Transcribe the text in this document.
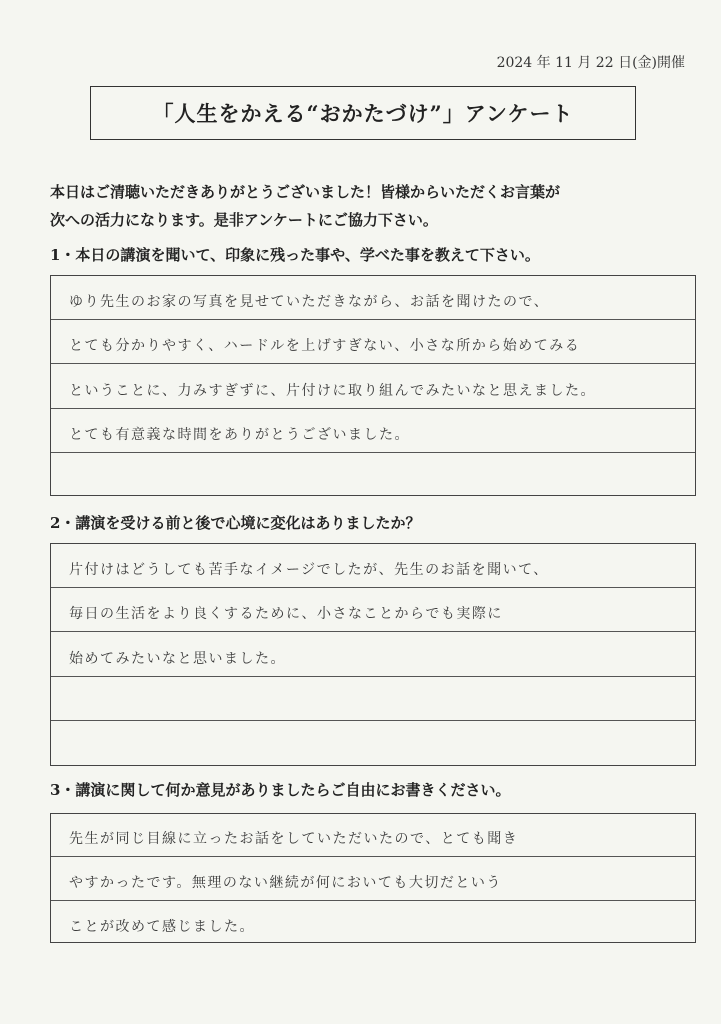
2024 年 11 月 22 日(金)開催
「人生をかえる“おかたづけ”」アンケート
本日はご清聴いただきありがとうございました！皆様からいただくお言葉が
次への活力になります。是非アンケートにご協力下さい。
1・本日の講演を聞いて、印象に残った事や、学べた事を教えて下さい。
ゆり先生のお家の写真を見せていただきながら、お話を聞けたので、
とても分かりやすく、ハードルを上げすぎない、小さな所から始めてみる
ということに、力みすぎずに、片付けに取り組んでみたいなと思えました。
とても有意義な時間をありがとうございました。
2・講演を受ける前と後で心境に変化はありましたか？
片付けはどうしても苦手なイメージでしたが、先生のお話を聞いて、
毎日の生活をより良くするために、小さなことからでも実際に
始めてみたいなと思いました。
3・講演に関して何か意見がありましたらご自由にお書きください。
先生が同じ目線に立ったお話をしていただいたので、とても聞き
やすかったです。無理のない継続が何においても大切だという
ことが改めて感じました。
